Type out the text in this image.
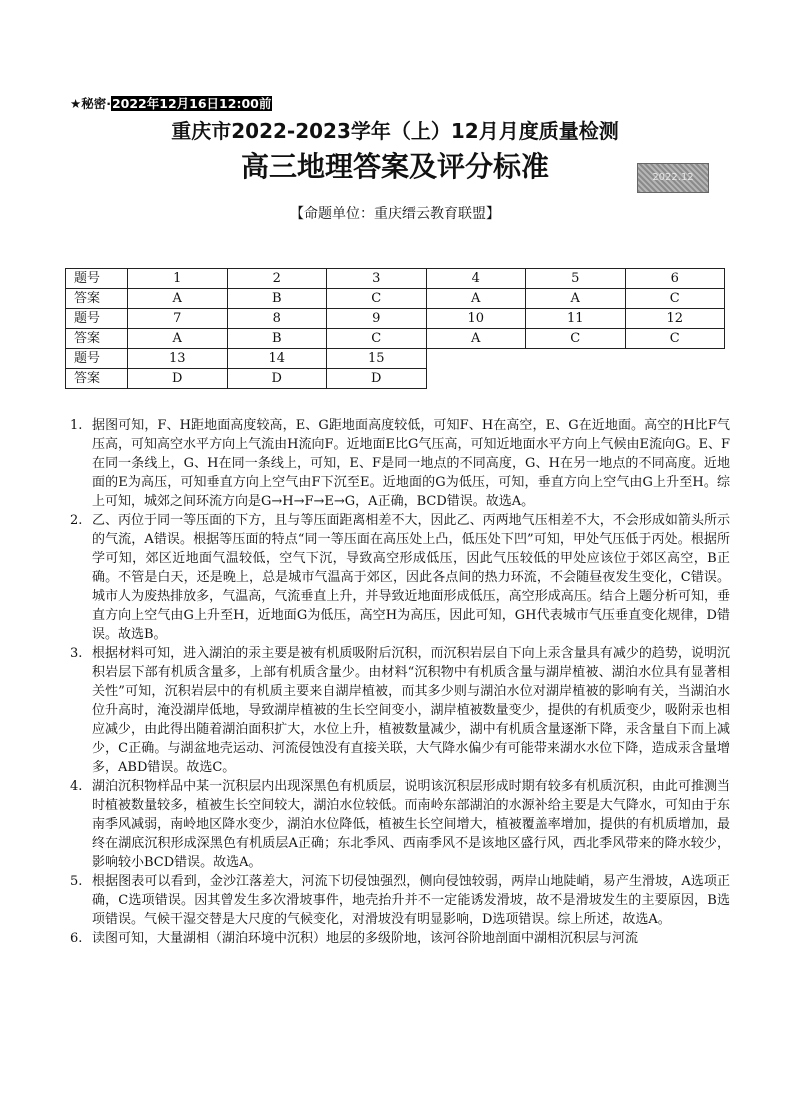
★秘密·2022年12月16日12:00前
重庆市2022-2023学年（上）12月月度质量检测
高三地理答案及评分标准	2022.12
【命题单位：重庆缙云教育联盟】
题号	1	2	3	4	5	6
答案	A	B	C	A	A	C
题号	7	8	9	10	11	12
答案	A	B	C	A	C	C
题号	13	14	15			
答案	D	D	D			
1. 据图可知，F、H距地面高度较高，E、G距地面高度较低，可知F、H在高空，E、G在近地面。高空的H比F气压高，可知高空水平方向上气流由H流向F。近地面E比G气压高，可知近地面水平方向上气候由E流向G。E、F在同一条线上，G、H在同一条线上，可知，E、F是同一地点的不同高度，G、H在另一地点的不同高度。近地面的E为高压，可知垂直方向上空气由F下沉至E。近地面的G为低压，可知，垂直方向上空气由G上升至H。综上可知，城郊之间环流方向是G→H→F→E→G，A正确，BCD错误。故选A。
2. 乙、丙位于同一等压面的下方，且与等压面距离相差不大，因此乙、丙两地气压相差不大，不会形成如箭头所示的气流，A错误。根据等压面的特点“同一等压面在高压处上凸，低压处下凹”可知，甲处气压低于丙处。根据所学可知，郊区近地面气温较低，空气下沉，导致高空形成低压，因此气压较低的甲处应该位于郊区高空，B正确。不管是白天，还是晚上，总是城市气温高于郊区，因此各点间的热力环流，不会随昼夜发生变化，C错误。城市人为废热排放多，气温高，气流垂直上升，并导致近地面形成低压，高空形成高压。结合上题分析可知，垂直方向上空气由G上升至H，近地面G为低压，高空H为高压，因此可知，GH代表城市气压垂直变化规律，D错误。故选B。
3. 根据材料可知，进入湖泊的汞主要是被有机质吸附后沉积，而沉积岩层自下向上汞含量具有减少的趋势，说明沉积岩层下部有机质含量多，上部有机质含量少。由材料“沉积物中有机质含量与湖岸植被、湖泊水位具有显著相关性”可知，沉积岩层中的有机质主要来自湖岸植被，而其多少则与湖泊水位对湖岸植被的影响有关，当湖泊水位升高时，淹没湖岸低地，导致湖岸植被的生长空间变小，湖岸植被数量变少，提供的有机质变少，吸附汞也相应减少，由此得出随着湖泊面积扩大，水位上升，植被数量减少，湖中有机质含量逐渐下降，汞含量自下而上减少，C正确。与湖盆地壳运动、河流侵蚀没有直接关联，大气降水偏少有可能带来湖水水位下降，造成汞含量增多，ABD错误。故选C。
4. 湖泊沉积物样品中某一沉积层内出现深黑色有机质层，说明该沉积层形成时期有较多有机质沉积，由此可推测当时植被数量较多，植被生长空间较大，湖泊水位较低。而南岭东部湖泊的水源补给主要是大气降水，可知由于东南季风减弱，南岭地区降水变少，湖泊水位降低，植被生长空间增大，植被覆盖率增加，提供的有机质增加，最终在湖底沉积形成深黑色有机质层A正确；东北季风、西南季风不是该地区盛行风，西北季风带来的降水较少，影响较小BCD错误。故选A。
5. 根据图表可以看到，金沙江落差大，河流下切侵蚀强烈，侧向侵蚀较弱，两岸山地陡峭，易产生滑坡，A选项正确，C选项错误。因其曾发生多次滑坡事件，地壳抬升并不一定能诱发滑坡，故不是滑坡发生的主要原因，B选项错误。气候干湿交替是大尺度的气候变化，对滑坡没有明显影响，D选项错误。综上所述，故选A。
6. 读图可知，大量湖相（湖泊环境中沉积）地层的多级阶地，该河谷阶地剖面中湖相沉积层与河流
